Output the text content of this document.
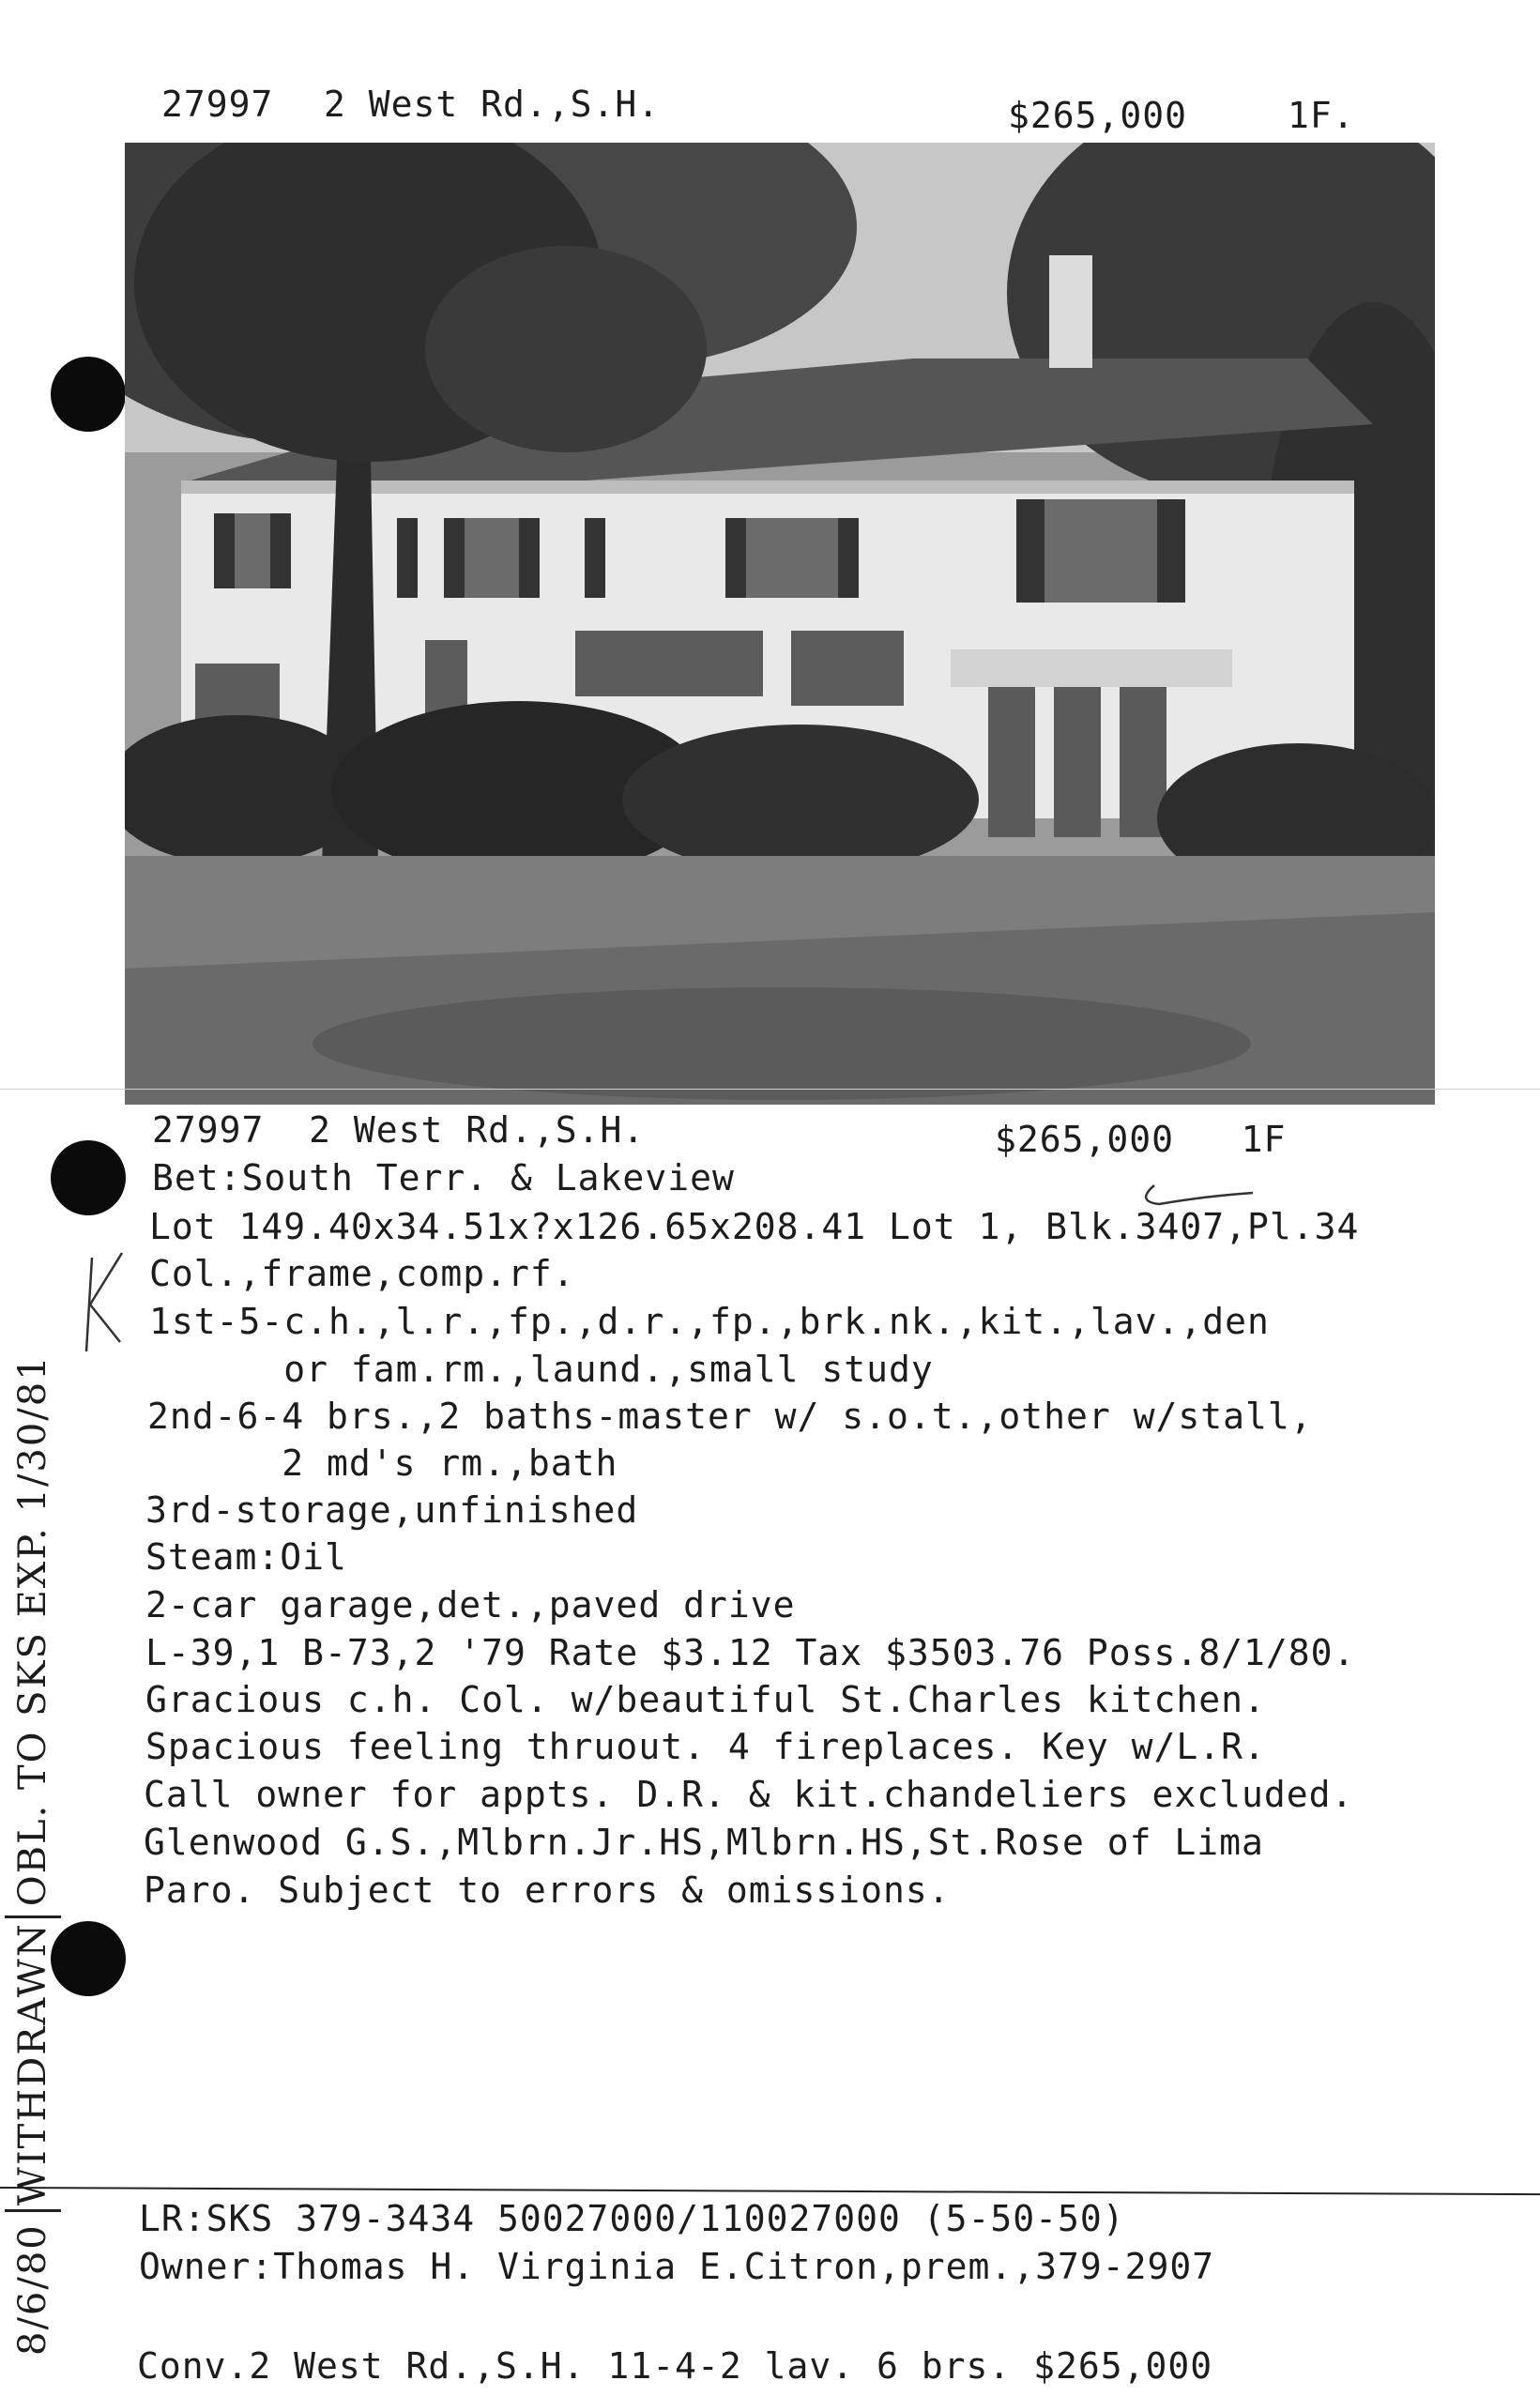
27997 2 West Rd.,S.H.	$265,000	1F.
27997  2 West Rd.,S.H.	$265,000   1F
Bet:South Terr. & Lakeview
Lot 149.40x34.51x?x126.65x208.41 Lot 1, Blk.3407,Pl.34
Col.,frame,comp.rf.
1st-5-c.h.,l.r.,fp.,d.r.,fp.,brk.nk.,kit.,lav.,den
or fam.rm.,laund.,small study
2nd-6-4 brs.,2 baths-master w/ s.o.t.,other w/stall,
2 md's rm.,bath
3rd-storage,unfinished
Steam:Oil
2-car garage,det.,paved drive
L-39,1 B-73,2 '79 Rate $3.12 Tax $3503.76 Poss.8/1/80.
Gracious c.h. Col. w/beautiful St.Charles kitchen.
Spacious feeling thruout. 4 fireplaces. Key w/L.R.
Call owner for appts. D.R. & kit.chandeliers excluded.
Glenwood G.S.,Mlbrn.Jr.HS,Mlbrn.HS,St.Rose of Lima
Paro. Subject to errors & omissions.
LR:SKS 379-3434 50027000/110027000 (5-50-50)
Owner:Thomas H. Virginia E.Citron,prem.,379-2907
Conv.2 West Rd.,S.H. 11-4-2 lav. 6 brs. $265,000
8/6/80
WITHDRAWN
OBL. TO SKS EXP. 1/30/81
